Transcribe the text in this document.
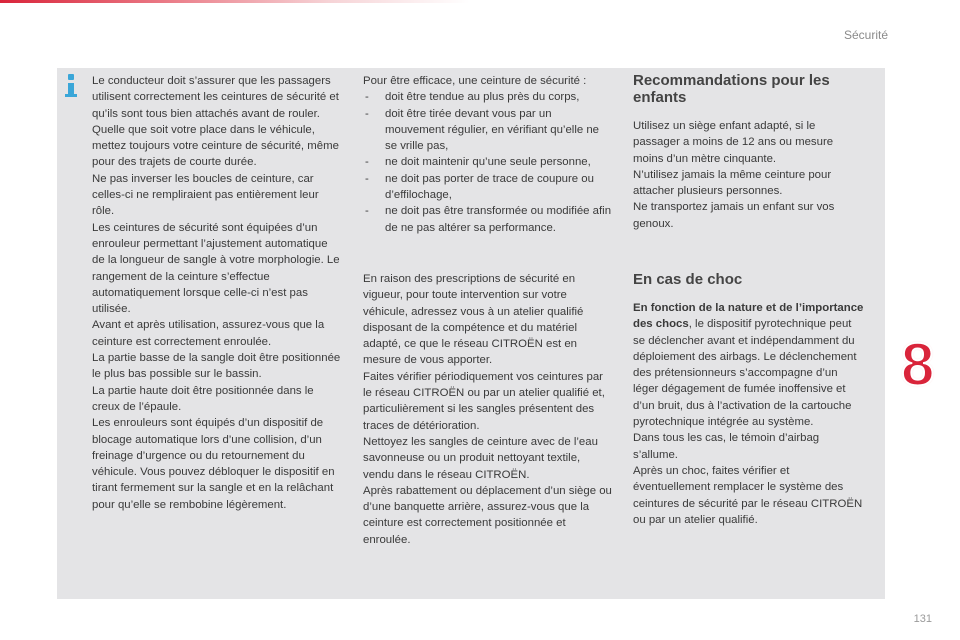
Sécurité

Le conducteur doit s’assurer que les passagers utilisent correctement les ceintures de sécurité et qu’ils sont tous bien attachés avant de rouler.

Quelle que soit votre place dans le véhicule, mettez toujours votre ceinture de sécurité, même pour des trajets de courte durée.

Ne pas inverser les boucles de ceinture, car celles-ci ne rempliraient pas entièrement leur rôle.

Les ceintures de sécurité sont équipées d’un enrouleur permettant l’ajustement automatique de la longueur de sangle à votre morphologie. Le rangement de la ceinture s’effectue automatiquement lorsque celle-ci n’est pas utilisée.

Avant et après utilisation, assurez-vous que la ceinture est correctement enroulée.

La partie basse de la sangle doit être positionnée le plus bas possible sur le bassin.

La partie haute doit être positionnée dans le creux de l’épaule.

Les enrouleurs sont équipés d’un dispositif de blocage automatique lors d’une collision, d’un freinage d’urgence ou du retournement du véhicule. Vous pouvez débloquer le dispositif en tirant fermement sur la sangle et en la relâchant pour qu’elle se rembobine légèrement.

Pour être efficace, une ceinture de sécurité :

- doit être tendue au plus près du corps,
- doit être tirée devant vous par un mouvement régulier, en vérifiant qu’elle ne se vrille pas,
- ne doit maintenir qu’une seule personne,
- ne doit pas porter de trace de coupure ou d’effilochage,
- ne doit pas être transformée ou modifiée afin de ne pas altérer sa performance.

En raison des prescriptions de sécurité en vigueur, pour toute intervention sur votre véhicule, adressez vous à un atelier qualifié disposant de la compétence et du matériel adapté, ce que le réseau CITROËN est en mesure de vous apporter.

Faites vérifier périodiquement vos ceintures par le réseau CITROËN ou par un atelier qualifié et, particulièrement si les sangles présentent des traces de détérioration.

Nettoyez les sangles de ceinture avec de l’eau savonneuse ou un produit nettoyant textile, vendu dans le réseau CITROËN.

Après rabattement ou déplacement d’un siège ou d’une banquette arrière, assurez-vous que la ceinture est correctement positionnée et enroulée.

Recommandations pour les enfants

Utilisez un siège enfant adapté, si le passager a moins de 12 ans ou mesure moins d’un mètre cinquante.

N’utilisez jamais la même ceinture pour attacher plusieurs personnes.

Ne transportez jamais un enfant sur vos genoux.

En cas de choc

En fonction de la nature et de l’importance des chocs, le dispositif pyrotechnique peut se déclencher avant et indépendamment du déploiement des airbags. Le déclenchement des prétensionneurs s’accompagne d’un léger dégagement de fumée inoffensive et d’un bruit, dus à l’activation de la cartouche pyrotechnique intégrée au système.

Dans tous les cas, le témoin d’airbag s’allume.

Après un choc, faites vérifier et éventuellement remplacer le système des ceintures de sécurité par le réseau CITROËN ou par un atelier qualifié.

8
131
